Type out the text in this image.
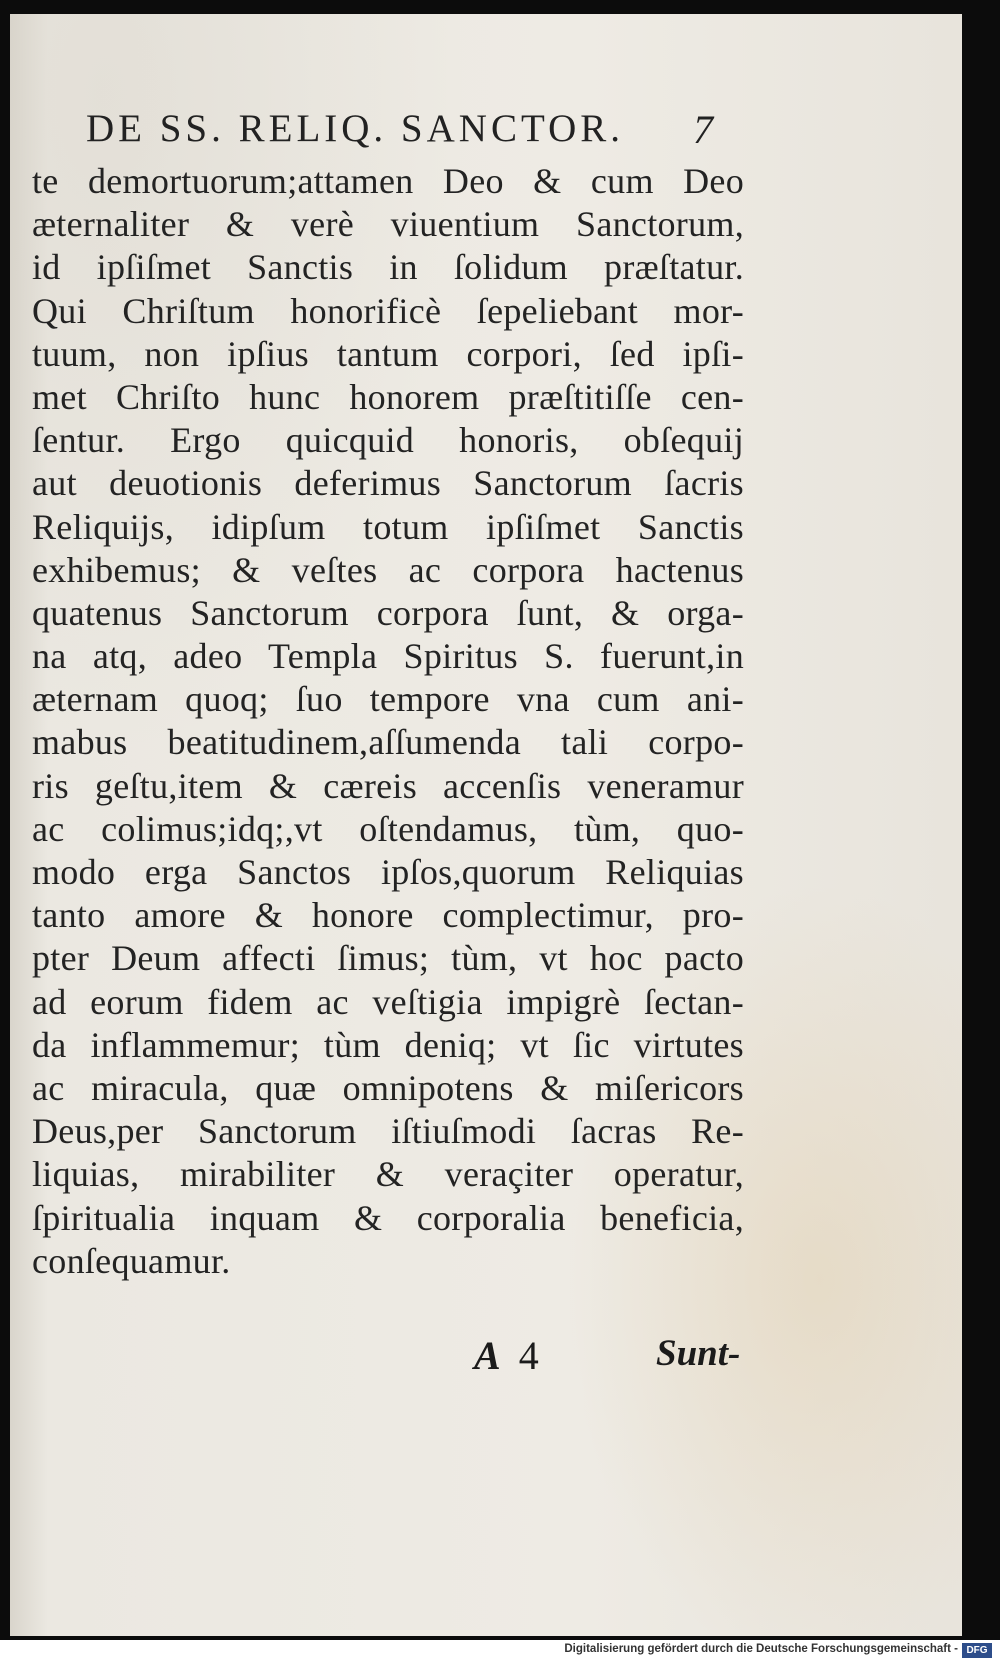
DE SS. RELIQ. SANCTOR. 7
te demortuorum;attamen Deo & cum Deo
æternaliter & verè viuentium Sanctorum,
id ipſiſmet Sanctis in ſolidum præſtatur.
Qui Chriſtum honorificè ſepeliebant mor-
tuum, non ipſius tantum corpori, ſed ipſi-
met Chriſto hunc honorem præſtitiſſe cen-
ſentur. Ergo quicquid honoris, obſequij
aut deuotionis deferimus Sanctorum ſacris
Reliquijs, idipſum totum ipſiſmet Sanctis
exhibemus; & veſtes ac corpora hactenus
quatenus Sanctorum corpora ſunt, & orga-
na atq, adeo Templa Spiritus S. fuerunt,in
æternam quoq; ſuo tempore vna cum ani-
mabus beatitudinem,aſſumenda tali corpo-
ris geſtu,item & cæreis accenſis veneramur
ac colimus;idq;,vt oſtendamus, tùm, quo-
modo erga Sanctos ipſos,quorum Reliquias
tanto amore & honore complectimur, pro-
pter Deum affecti ſimus; tùm, vt hoc pacto
ad eorum fidem ac veſtigia impigrè ſectan-
da inflammemur; tùm deniq; vt ſic virtutes
ac miracula, quæ omnipotens & miſericors
Deus,per Sanctorum iſtiuſmodi ſacras Re-
liquias, mirabiliter & veraçiter operatur,
ſpiritualia inquam & corporalia beneficia,
conſequamur.
A 4	Sunt-
Digitalisierung gefördert durch die Deutsche Forschungsgemeinschaft - DFG
